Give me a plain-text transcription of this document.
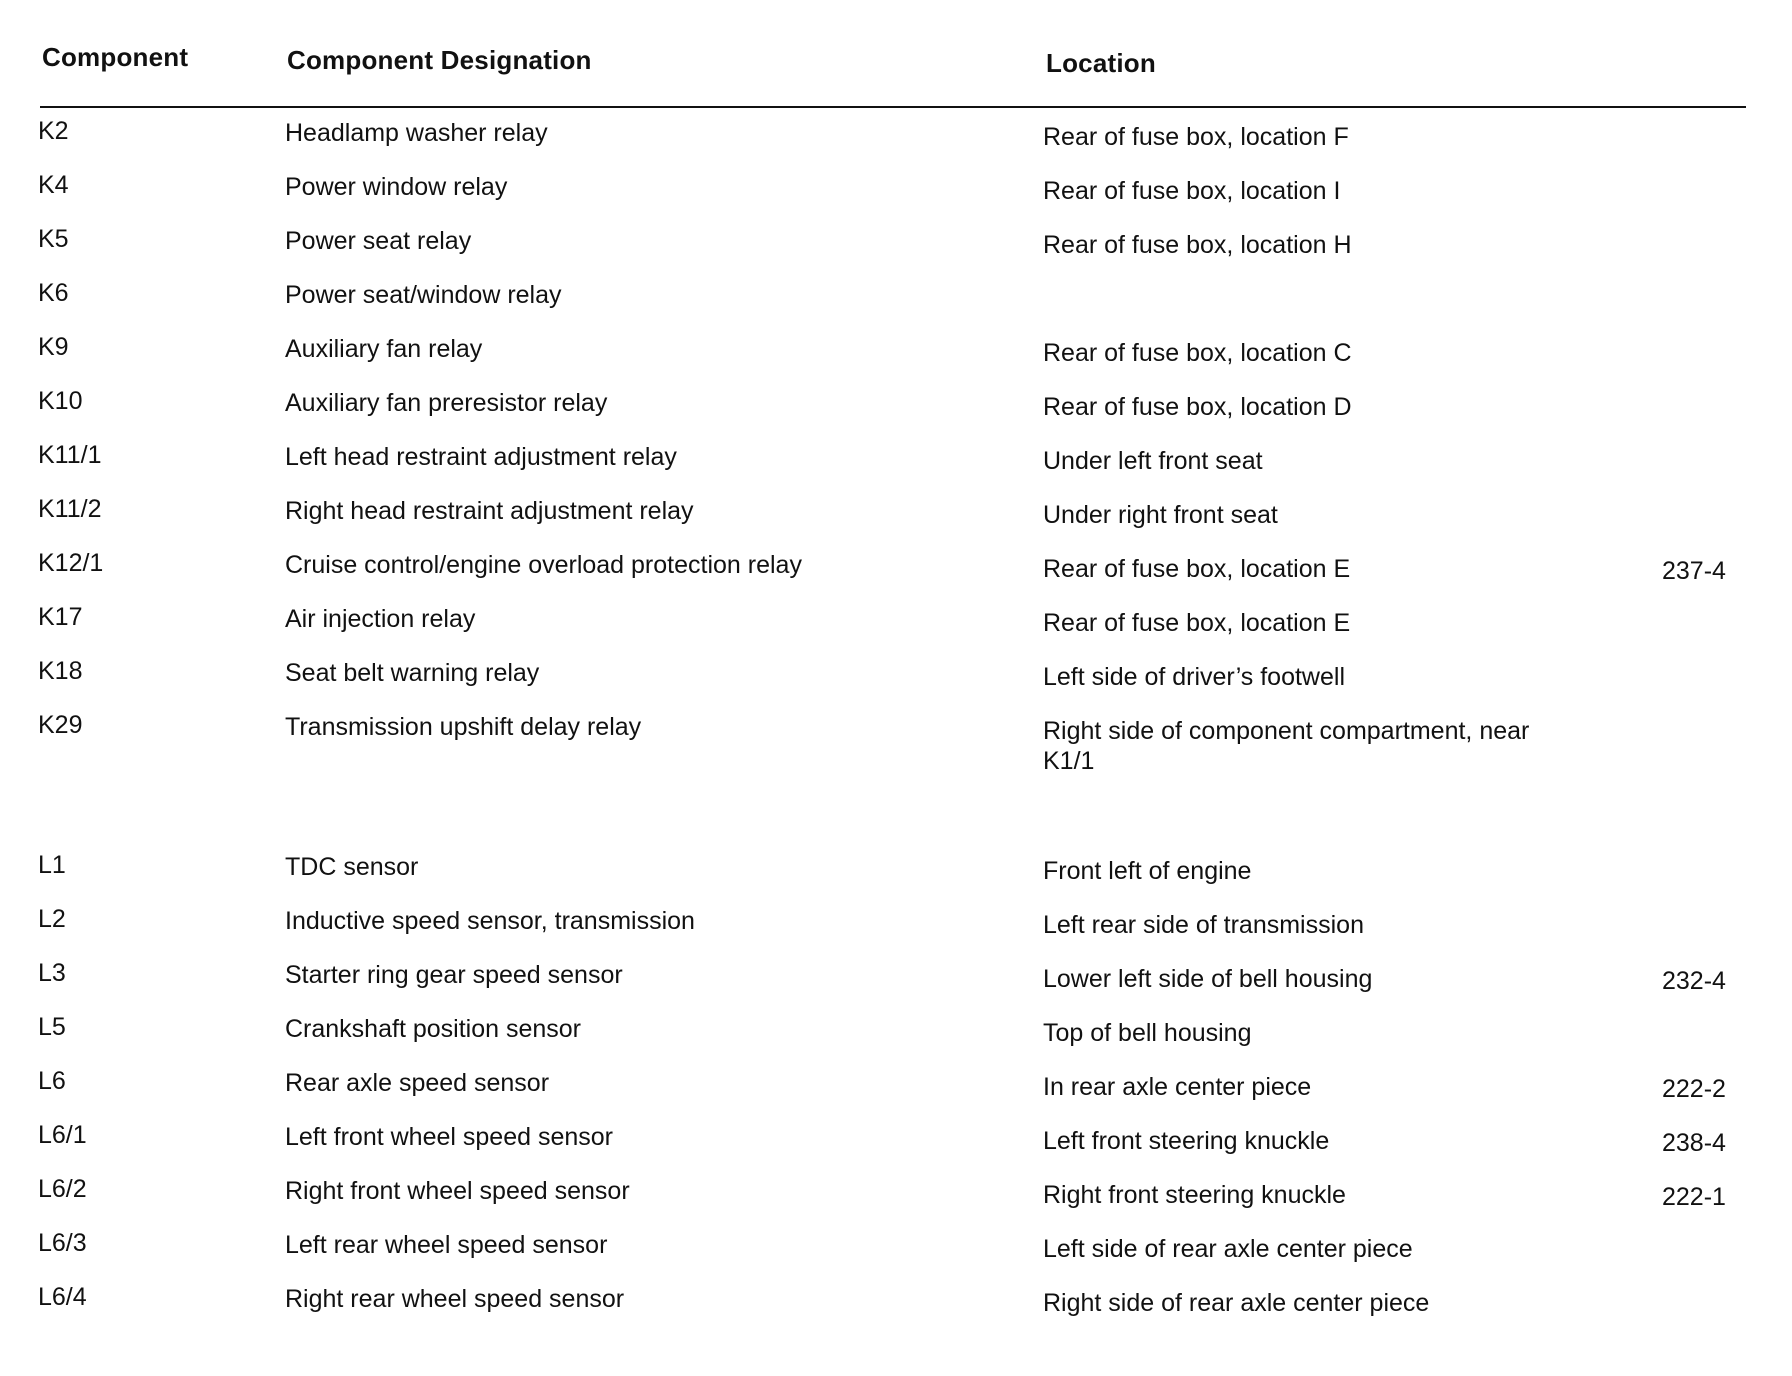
Component	Component Designation	Location
K2	Headlamp washer relay	Rear of fuse box, location F
K4	Power window relay	Rear of fuse box, location I
K5	Power seat relay	Rear of fuse box, location H
K6	Power seat/window relay
K9	Auxiliary fan relay	Rear of fuse box, location C
K10	Auxiliary fan preresistor relay	Rear of fuse box, location D
K11/1	Left head restraint adjustment relay	Under left front seat
K11/2	Right head restraint adjustment relay	Under right front seat
K12/1	Cruise control/engine overload protection relay	Rear of fuse box, location E	237-4
K17	Air injection relay	Rear of fuse box, location E
K18	Seat belt warning relay	Left side of driver’s footwell
K29	Transmission upshift delay relay	Right side of component compartment, near K1/1
L1	TDC sensor	Front left of engine
L2	Inductive speed sensor, transmission	Left rear side of transmission
L3	Starter ring gear speed sensor	Lower left side of bell housing	232-4
L5	Crankshaft position sensor	Top of bell housing
L6	Rear axle speed sensor	In rear axle center piece	222-2
L6/1	Left front wheel speed sensor	Left front steering knuckle	238-4
L6/2	Right front wheel speed sensor	Right front steering knuckle	222-1
L6/3	Left rear wheel speed sensor	Left side of rear axle center piece
L6/4	Right rear wheel speed sensor	Right side of rear axle center piece
